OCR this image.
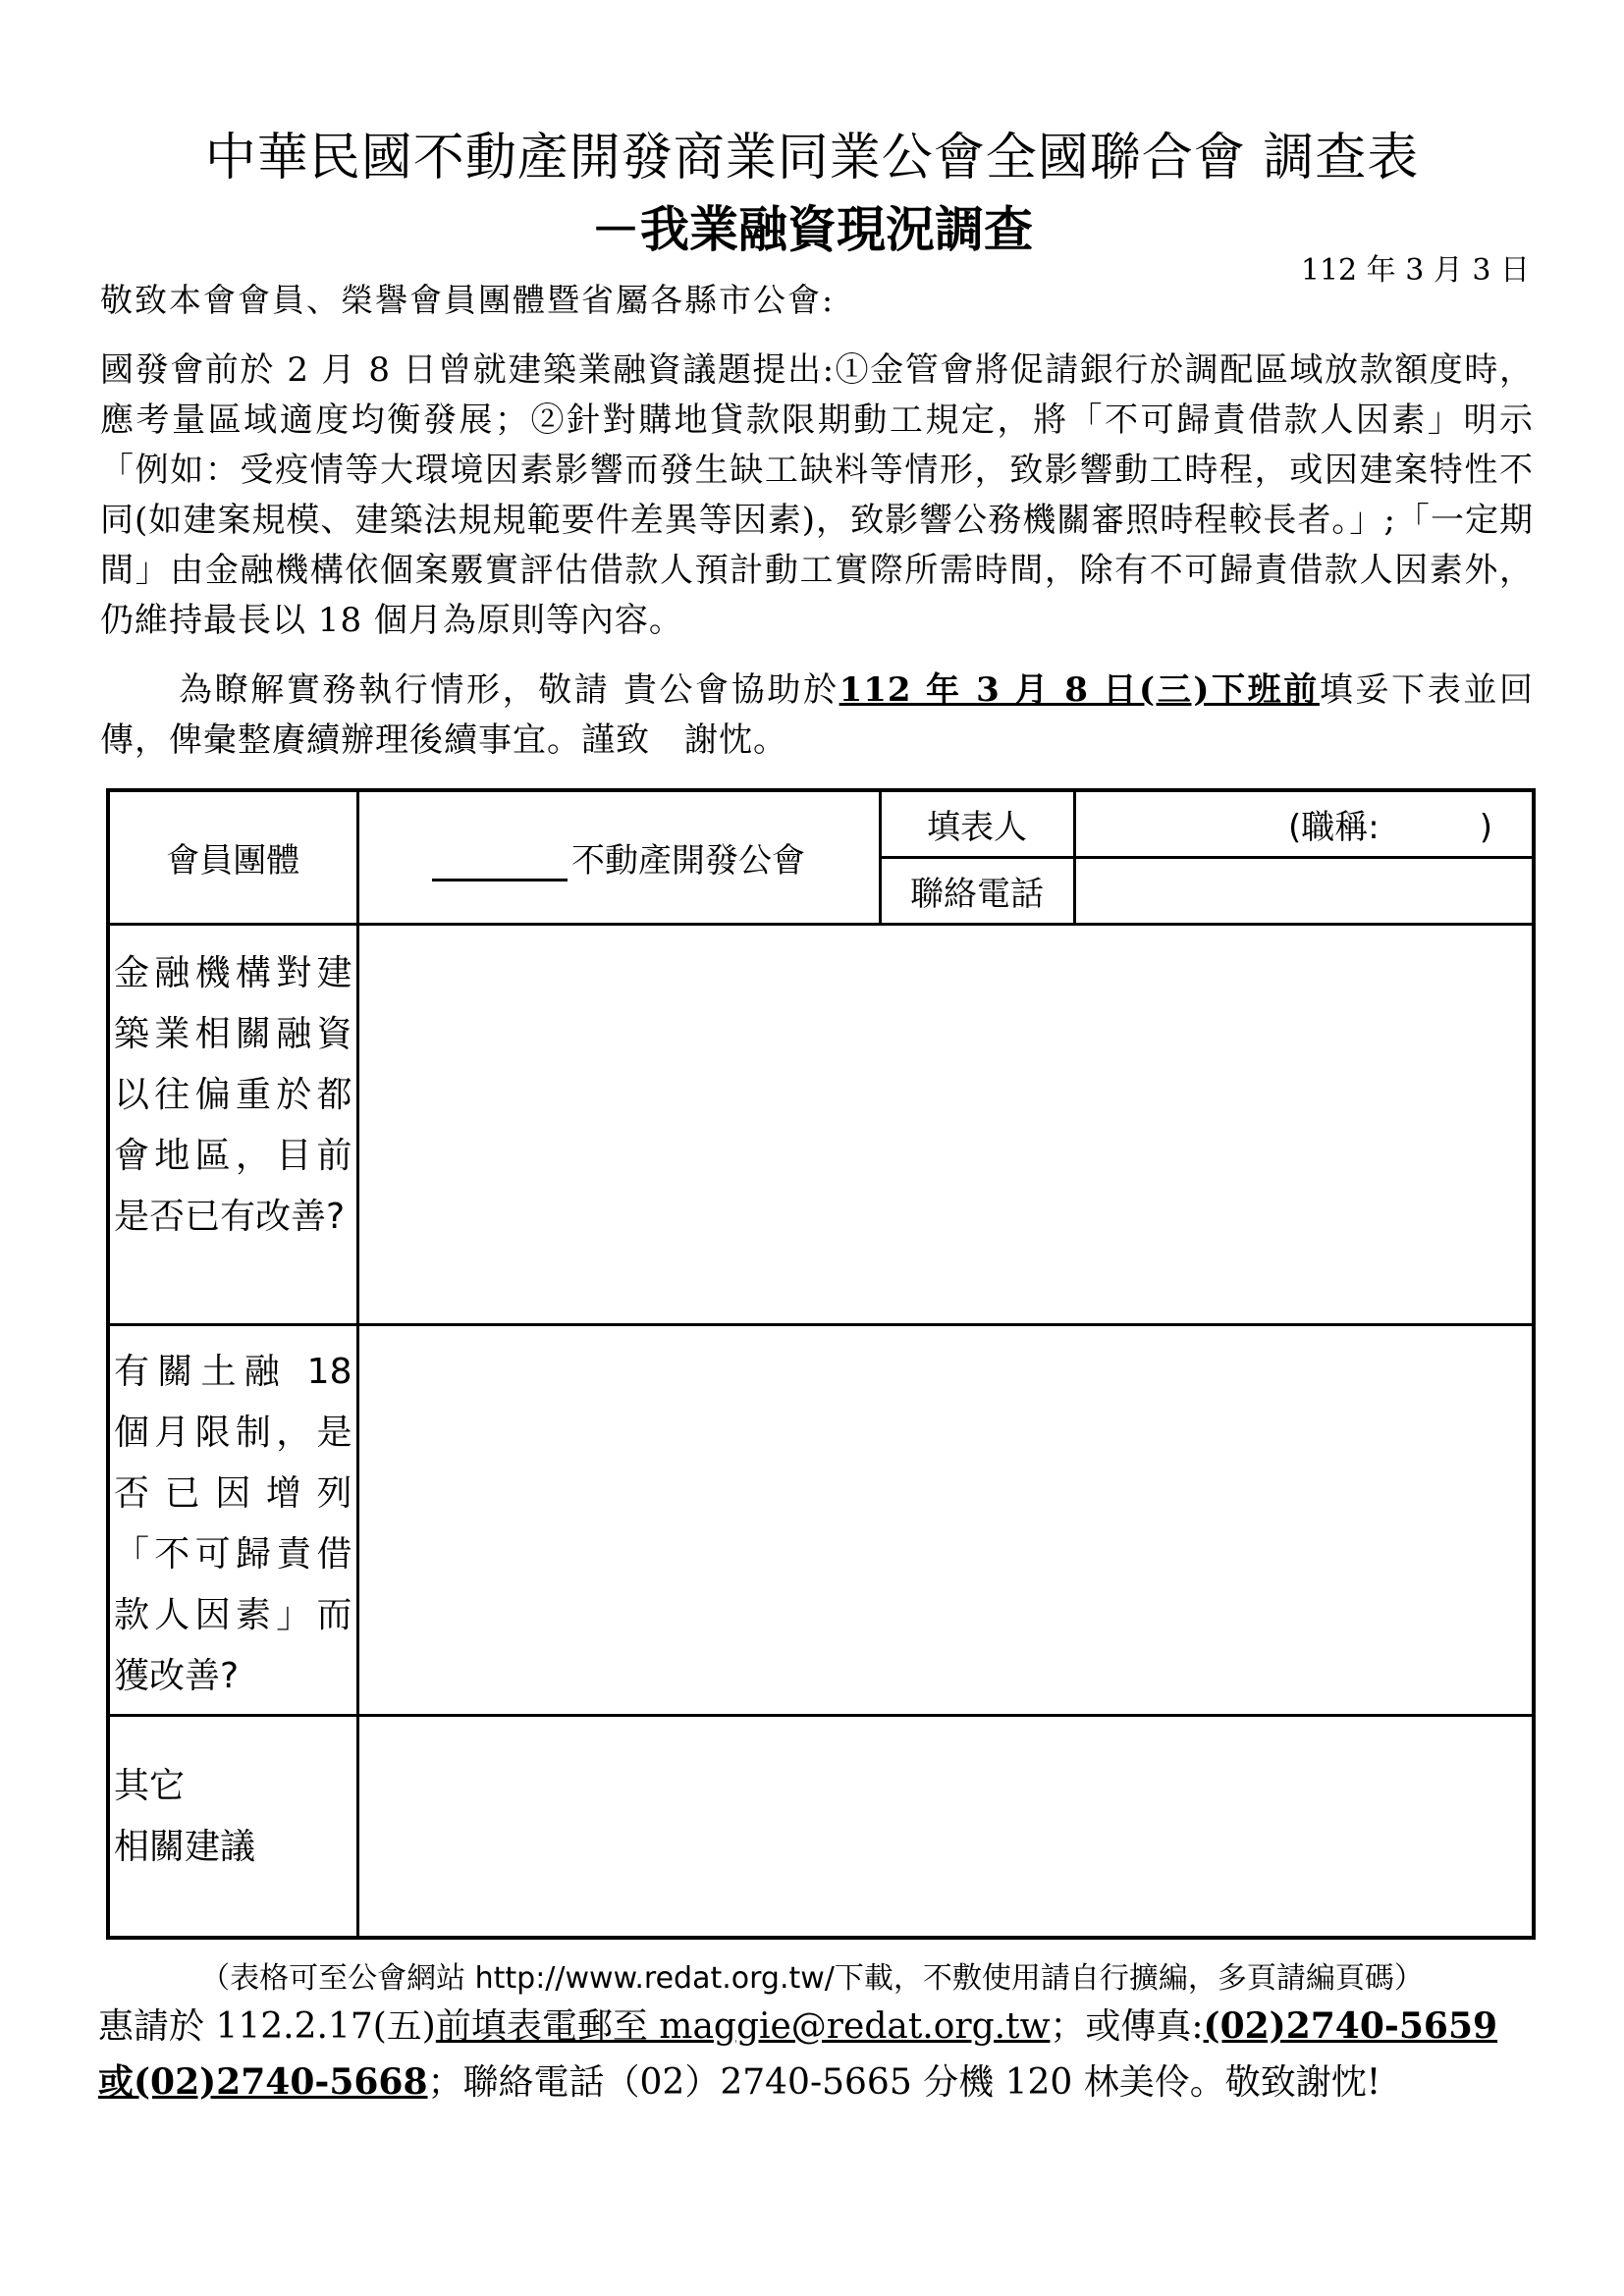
中華民國不動產開發商業同業公會全國聯合會 調查表
－我業融資現況調查
112 年 3 月 3 日
敬致本會會員、榮譽會員團體暨省屬各縣市公會:
國發會前於 2 月 8 日曾就建築業融資議題提出:①金管會將促請銀行於調配區域放款額度時，應考量區域適度均衡發展；②針對購地貸款限期動工規定，將「不可歸責借款人因素」明示「例如：受疫情等大環境因素影響而發生缺工缺料等情形，致影響動工時程，或因建案特性不同(如建案規模、建築法規規範要件差異等因素)，致影響公務機關審照時程較長者。」;「一定期間」由金融機構依個案覈實評估借款人預計動工實際所需時間，除有不可歸責借款人因素外，仍維持最長以 18 個月為原則等內容。
為瞭解實務執行情形，敬請 貴公會協助於112 年 3 月 8 日(三)下班前填妥下表並回傳，俾彙整賡續辦理後續事宜。謹致　謝忱。
會員團體	不動產開發公會	填表人	(職稱:　　　)
		聯絡電話	
金融機構對建築業相關融資以往偏重於都會地區，目前是否已有改善?			
有關土融 18 個月限制，是否已因增列「不可歸責借款人因素」而獲改善?			
其它
相關建議			
（表格可至公會網站 http://www.redat.org.tw/下載，不敷使用請自行擴編，多頁請編頁碼）
惠請於 112.2.17(五)前填表電郵至 maggie@redat.org.tw；或傳真:(02)2740-5659
或(02)2740-5668；聯絡電話（02）2740-5665 分機 120 林美伶。敬致謝忱!
